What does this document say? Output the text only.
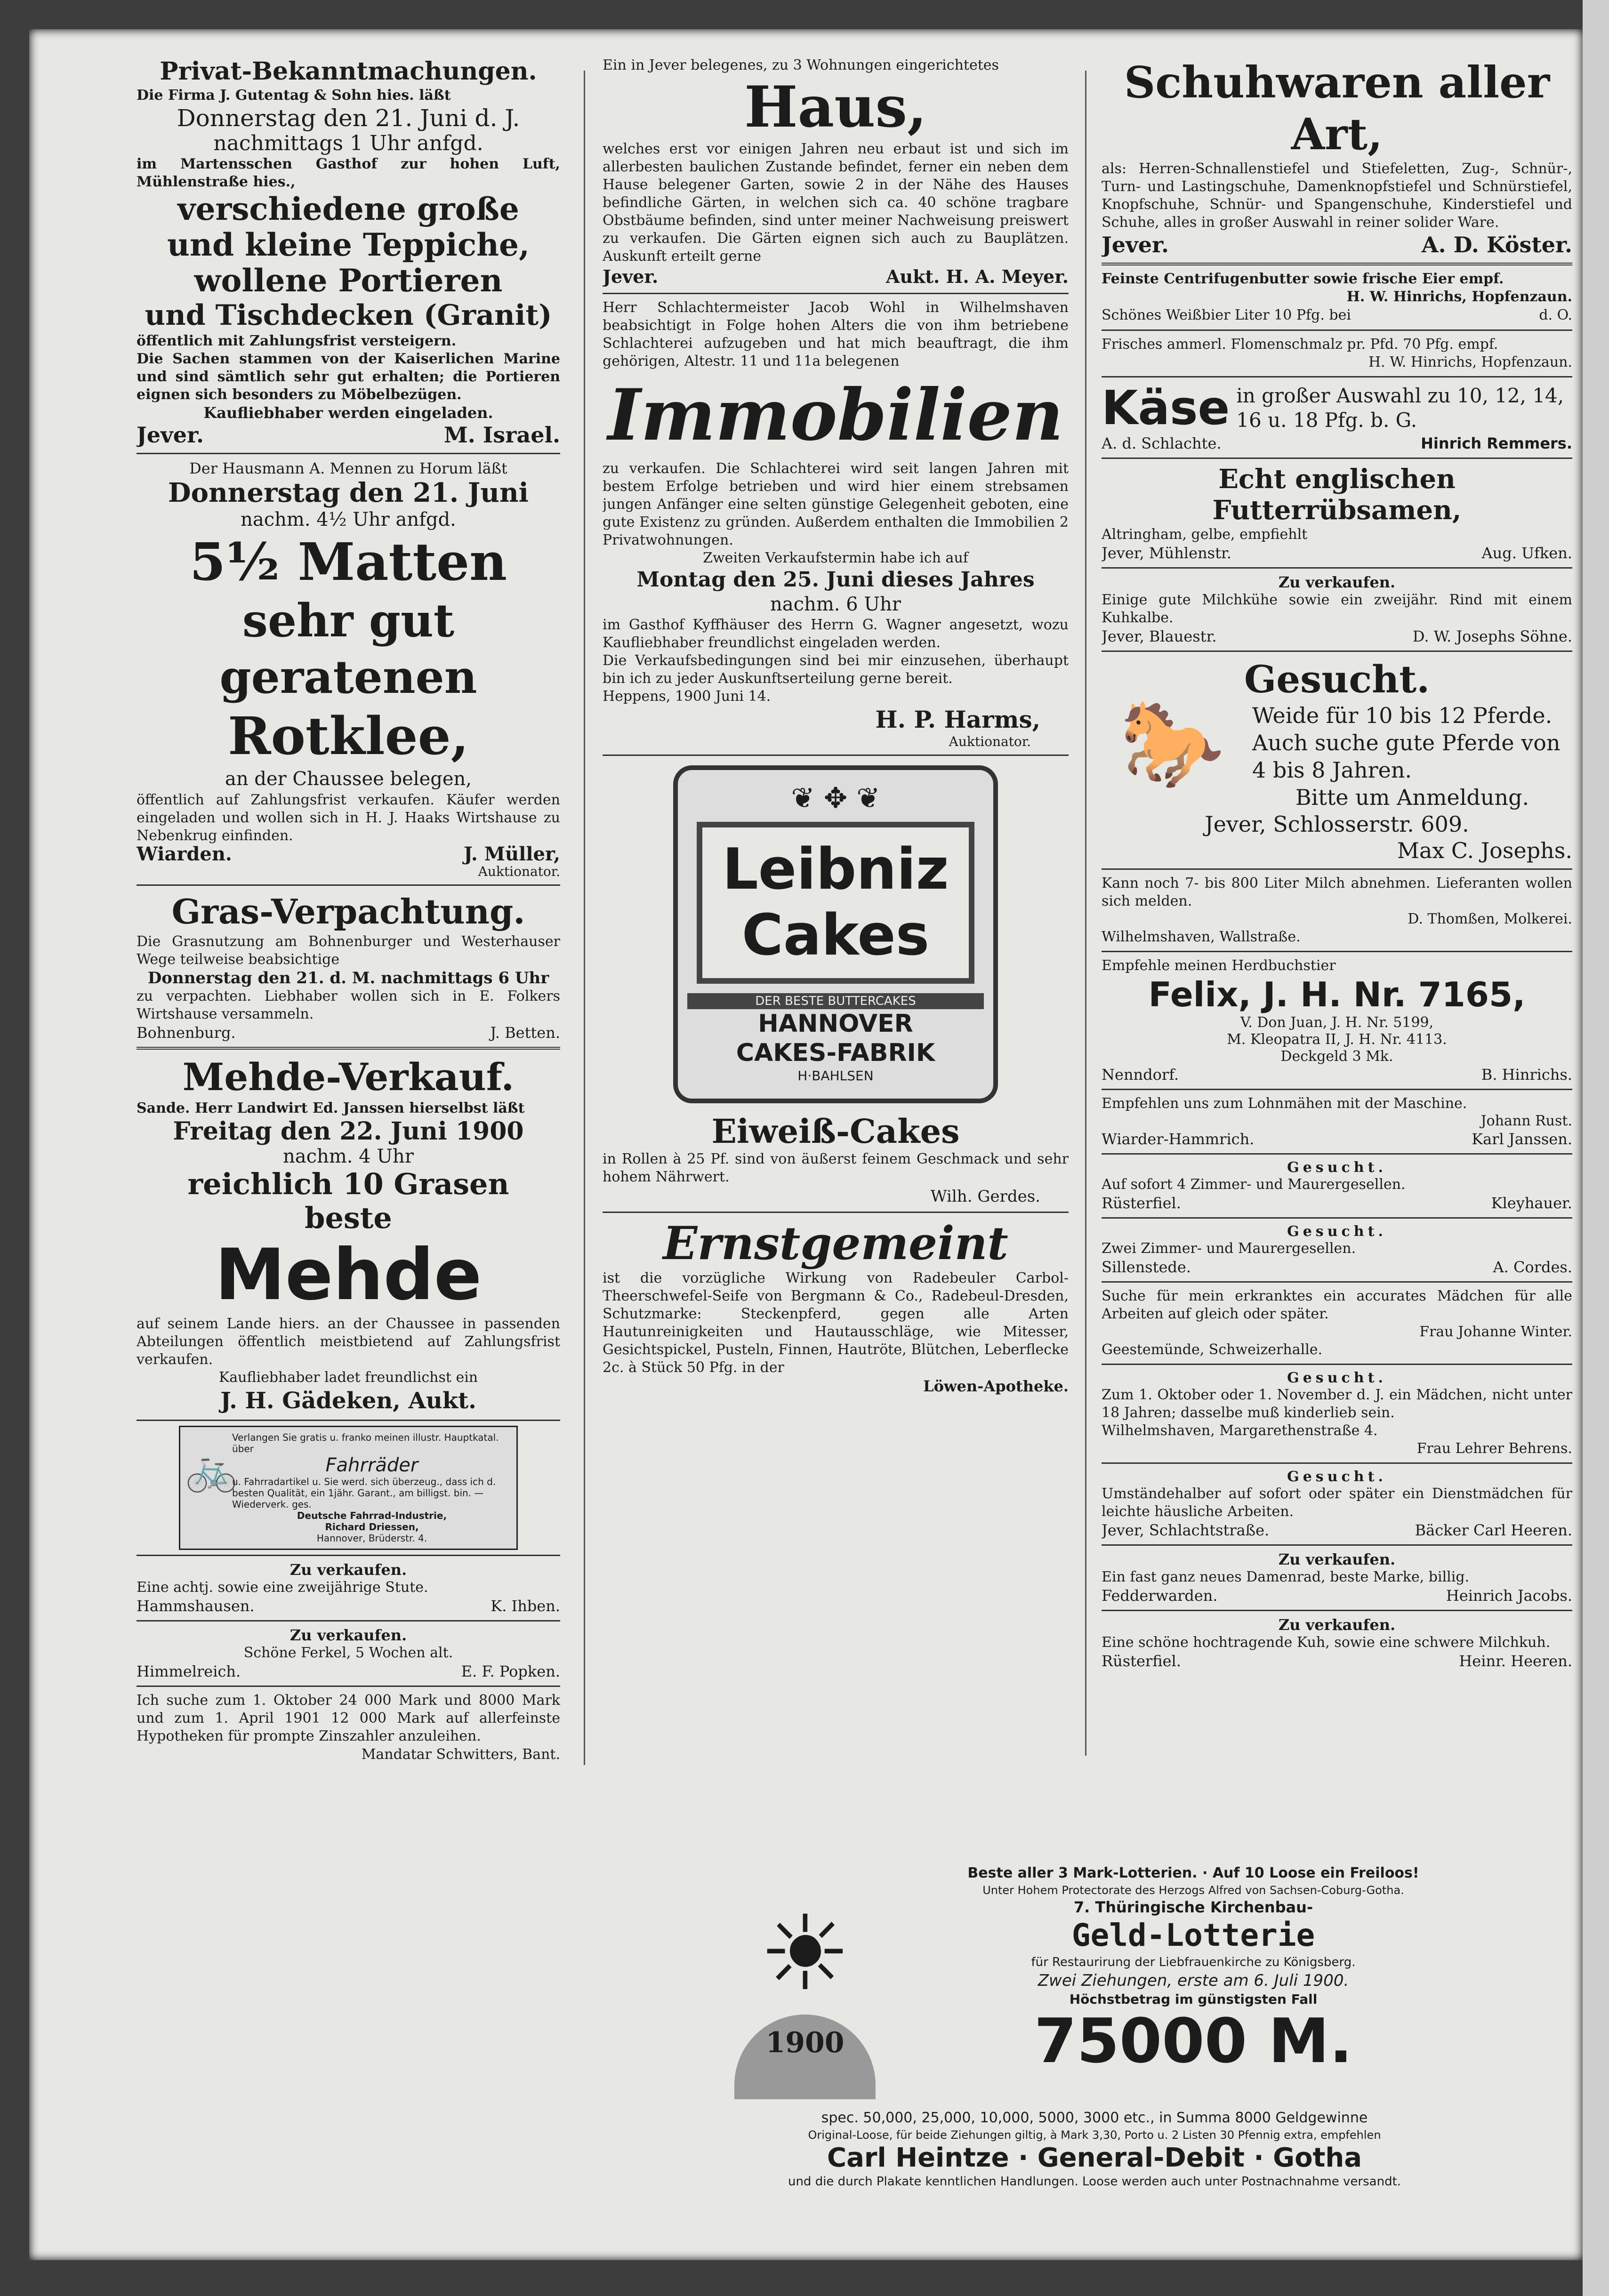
Privat-Bekanntmachungen.

Die Firma J. Gutentag & Sohn hies. läßt

Donnerstag den 21. Juni d. J.

nachmittags 1 Uhr anfgd.

im Martensschen Gasthof zur hohen Luft, Mühlenstraße hies.,

verschiedene große

und kleine Teppiche,

wollene Portieren

und Tischdecken (Granit)

öffentlich mit Zahlungsfrist versteigern.

Die Sachen stammen von der Kaiserlichen Marine und sind sämtlich sehr gut erhalten; die Portieren eignen sich besonders zu Möbelbezügen.

Kaufliebhaber werden eingeladen.

Jever.	M. Israel.

Der Hausmann A. Mennen zu Horum läßt

Donnerstag den 21. Juni

nachm. 4½ Uhr anfgd.

5½ Matten

sehr gut geratenen

Rotklee,

an der Chaussee belegen,

öffentlich auf Zahlungsfrist verkaufen. Käufer werden eingeladen und wollen sich in H. J. Haaks Wirtshause zu Nebenkrug einfinden.

Wiarden.	J. Müller,

Auktionator.

Gras-Verpachtung.

Die Grasnutzung am Bohnenburger und Westerhauser Wege teilweise beabsichtige

Donnerstag den 21. d. M. nachmittags 6 Uhr

zu verpachten. Liebhaber wollen sich in E. Folkers Wirtshause versammeln.

Bohnenburg.	J. Betten.

Mehde-Verkauf.

Sande. Herr Landwirt Ed. Janssen hierselbst läßt

Freitag den 22. Juni 1900

nachm. 4 Uhr

reichlich 10 Grasen

beste

Mehde

auf seinem Lande hiers. an der Chaussee in passenden Abteilungen öffentlich meistbietend auf Zahlungsfrist verkaufen.

Kaufliebhaber ladet freundlichst ein

J. H. Gädeken, Aukt.

🚲

Verlangen Sie gratis u. franko meinen illustr. Hauptkatal. über

Fahrräder

u. Fahrradartikel u. Sie werd. sich überzeug., dass ich d. besten Qualität, ein 1jähr. Garant., am billigst. bin. — Wiederverk. ges.

Deutsche Fahrrad-Industrie,

Richard Driessen,

Hannover, Brüderstr. 4.

Zu verkaufen.

Eine achtj. sowie eine zweijährige Stute.

Hammshausen.	K. Ihben.

Zu verkaufen.

Schöne Ferkel, 5 Wochen alt.

Himmelreich.	E. F. Popken.

Ich suche zum 1. Oktober 24 000 Mark und 8000 Mark und zum 1. April 1901 12 000 Mark auf allerfeinste Hypotheken für prompte Zinszahler anzuleihen.

Mandatar Schwitters, Bant.

Ein in Jever belegenes, zu 3 Wohnungen eingerichtetes

Haus,

welches erst vor einigen Jahren neu erbaut ist und sich im allerbesten baulichen Zustande befindet, ferner ein neben dem Hause belegener Garten, sowie 2 in der Nähe des Hauses befindliche Gärten, in welchen sich ca. 40 schöne tragbare Obstbäume befinden, sind unter meiner Nachweisung preiswert zu verkaufen. Die Gärten eignen sich auch zu Bauplätzen. Auskunft erteilt gerne

Jever.	Aukt. H. A. Meyer.

Herr Schlachtermeister Jacob Wohl in Wilhelmshaven beabsichtigt in Folge hohen Alters die von ihm betriebene Schlachterei aufzugeben und hat mich beauftragt, die ihm gehörigen, Altestr. 11 und 11a belegenen

Immobilien

zu verkaufen. Die Schlachterei wird seit langen Jahren mit bestem Erfolge betrieben und wird hier einem strebsamen jungen Anfänger eine selten günstige Gelegenheit geboten, eine gute Existenz zu gründen. Außerdem enthalten die Immobilien 2 Privatwohnungen.

Zweiten Verkaufstermin habe ich auf

Montag den 25. Juni dieses Jahres

nachm. 6 Uhr

im Gasthof Kyffhäuser des Herrn G. Wagner angesetzt, wozu Kaufliebhaber freundlichst eingeladen werden.

Die Verkaufsbedingungen sind bei mir einzusehen, überhaupt bin ich zu jeder Auskunftserteilung gerne bereit.

Heppens, 1900 Juni 14.

H. P. Harms,

Auktionator.

❦ ✥ ❦

Leibniz

Cakes

DER BESTE BUTTERCAKES

HANNOVER

CAKES-FABRIK

H·BAHLSEN

Eiweiß-Cakes

in Rollen à 25 Pf. sind von äußerst feinem Geschmack und sehr hohem Nährwert.

Wilh. Gerdes.

Ernstgemeint

ist die vorzügliche Wirkung von Radebeuler Carbol-Theerschwefel-Seife von Bergmann & Co., Radebeul-Dresden, Schutzmarke: Steckenpferd, gegen alle Arten Hautunreinigkeiten und Hautausschläge, wie Mitesser, Gesichtspickel, Pusteln, Finnen, Hautröte, Blütchen, Leberflecke 2c. à Stück 50 Pfg. in der

Löwen-Apotheke.

Schuhwaren aller Art,

als: Herren-Schnallenstiefel und Stiefeletten, Zug-, Schnür-, Turn- und Lastingschuhe, Damenknopfstiefel und Schnürstiefel, Knopfschuhe, Schnür- und Spangenschuhe, Kinderstiefel und Schuhe, alles in großer Auswahl in reiner solider Ware.

Jever.	A. D. Köster.

Feinste Centrifugenbutter sowie frische Eier empf.

H. W. Hinrichs, Hopfenzaun.

Schönes Weißbier Liter 10 Pfg. bei	d. O.

Frisches ammerl. Flomenschmalz pr. Pfd. 70 Pfg. empf.

H. W. Hinrichs, Hopfenzaun.

Käse in großer Auswahl zu 10, 12, 14, 16 u. 18 Pfg. b. G.
A. d. Schlachte.	Hinrich Remmers.

Echt englischen Futterrübsamen,

Altringham, gelbe, empfiehlt

Jever, Mühlenstr.	Aug. Ufken.

Zu verkaufen.

Einige gute Milchkühe sowie ein zweijähr. Rind mit einem Kuhkalbe.

Jever, Blauestr.	D. W. Josephs Söhne.

Gesucht.

🐎	Weide für 10 bis 12 Pferde.

Auch suche gute Pferde von 4 bis 8 Jahren.

Bitte um Anmeldung.

Jever, Schlosserstr. 609.

Max C. Josephs.

Kann noch 7- bis 800 Liter Milch abnehmen. Lieferanten wollen sich melden.

D. Thomßen, Molkerei.

Wilhelmshaven, Wallstraße.

Empfehle meinen Herdbuchstier

Felix, J. H. Nr. 7165,

V. Don Juan, J. H. Nr. 5199,

M. Kleopatra II, J. H. Nr. 4113.

Deckgeld 3 Mk.

Nenndorf.	B. Hinrichs.

Empfehlen uns zum Lohnmähen mit der Maschine.

Johann Rust.

Wiarder-Hammrich.	Karl Janssen.

Gesucht.

Auf sofort 4 Zimmer- und Maurergesellen.

Rüsterfiel.	Kleyhauer.

Gesucht.

Zwei Zimmer- und Maurergesellen.

Sillenstede.	A. Cordes.

Suche für mein erkranktes ein accurates Mädchen für alle Arbeiten auf gleich oder später.

Frau Johanne Winter.

Geestemünde, Schweizerhalle.

Gesucht.

Zum 1. Oktober oder 1. November d. J. ein Mädchen, nicht unter 18 Jahren; dasselbe muß kinderlieb sein.

Wilhelmshaven, Margarethenstraße 4.

Frau Lehrer Behrens.

Gesucht.

Umständehalber auf sofort oder später ein Dienstmädchen für leichte häusliche Arbeiten.

Jever, Schlachtstraße.	Bäcker Carl Heeren.

Zu verkaufen.

Ein fast ganz neues Damenrad, beste Marke, billig.

Fedderwarden.	Heinrich Jacobs.

Zu verkaufen.

Eine schöne hochtragende Kuh, sowie eine schwere Milchkuh.

Rüsterfiel.	Heinr. Heeren.
☀
1900

Beste aller 3 Mark-Lotterien. · Auf 10 Loose ein Freiloos!

Unter Hohem Protectorate des Herzogs Alfred von Sachsen-Coburg-Gotha.

7. Thüringische Kirchenbau-

Geld-Lotterie

für Restaurirung der Liebfrauenkirche zu Königsberg.

Zwei Ziehungen, erste am 6. Juli 1900.

Höchstbetrag im günstigsten Fall

75000 M.

spec. 50,000, 25,000, 10,000, 5000, 3000 etc., in Summa 8000 Geldgewinne

Original-Loose, für beide Ziehungen giltig, à Mark 3,30, Porto u. 2 Listen 30 Pfennig extra, empfehlen

Carl Heintze · General-Debit · Gotha

und die durch Plakate kenntlichen Handlungen. Loose werden auch unter Postnachnahme versandt.
